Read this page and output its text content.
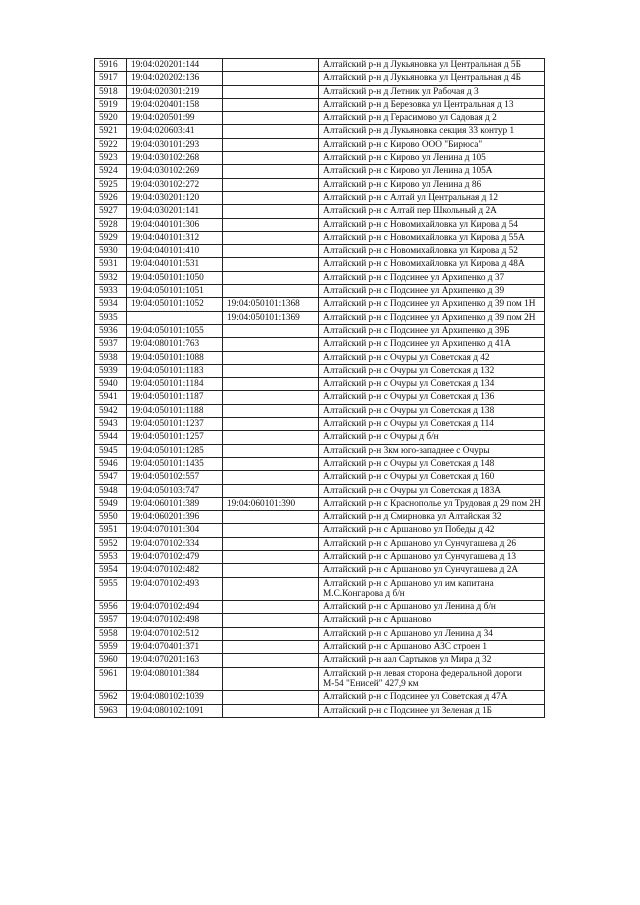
5916	19:04:020201:144		Алтайский р-н д Лукьяновка ул Центральная д 5Б
5917	19:04:020202:136		Алтайский р-н д Лукьяновка ул Центральная д 4Б
5918	19:04:020301:219		Алтайский р-н д Летник ул Рабочая д 3
5919	19:04:020401:158		Алтайский р-н д Березовка ул Центральная д 13
5920	19:04:020501:99		Алтайский р-н д Герасимово ул Садовая д 2
5921	19:04:020603:41		Алтайский р-н д Лукьяновка секция 33 контур 1
5922	19:04:030101:293		Алтайский р-н с Кирово ООО "Бирюса"
5923	19:04:030102:268		Алтайский р-н с Кирово ул Ленина д 105
5924	19:04:030102:269		Алтайский р-н с Кирово ул Ленина д 105А
5925	19:04:030102:272		Алтайский р-н с Кирово ул Ленина д 86
5926	19:04:030201:120		Алтайский р-н с Алтай ул Центральная д 12
5927	19:04:030201:141		Алтайский р-н с Алтай пер Школьный д 2А
5928	19:04:040101:306		Алтайский р-н с Новомихайловка ул Кирова д 54
5929	19:04:040101:312		Алтайский р-н с Новомихайловка ул Кирова д 55А
5930	19:04:040101:410		Алтайский р-н с Новомихайловка ул Кирова д 52
5931	19:04:040101:531		Алтайский р-н с Новомихайловка ул Кирова д 48А
5932	19:04:050101:1050		Алтайский р-н с Подсинее ул Архипенко д 37
5933	19:04:050101:1051		Алтайский р-н с Подсинее ул Архипенко д 39
5934	19:04:050101:1052	19:04:050101:1368	Алтайский р-н с Подсинее ул Архипенко д 39 пом 1Н
5935		19:04:050101:1369	Алтайский р-н с Подсинее ул Архипенко д 39 пом 2Н
5936	19:04:050101:1055		Алтайский р-н с Подсинее ул Архипенко д 39Б
5937	19:04:080101:763		Алтайский р-н с Подсинее ул Архипенко д 41А
5938	19:04:050101:1088		Алтайский р-н с Очуры ул Советская д 42
5939	19:04:050101:1183		Алтайский р-н с Очуры ул Советская д 132
5940	19:04:050101:1184		Алтайский р-н с Очуры ул Советская д 134
5941	19:04:050101:1187		Алтайский р-н с Очуры ул Советская д 136
5942	19:04:050101:1188		Алтайский р-н с Очуры ул Советская д 138
5943	19:04:050101:1237		Алтайский р-н с Очуры ул Советская д 114
5944	19:04:050101:1257		Алтайский р-н с Очуры д б/н
5945	19:04:050101:1285		Алтайский р-н 3км юго-западнее с Очуры
5946	19:04:050101:1435		Алтайский р-н с Очуры ул Советская д 148
5947	19:04:050102:557		Алтайский р-н с Очуры ул Советская д 160
5948	19:04:050103:747		Алтайский р-н с Очуры ул Советская д 183А
5949	19:04:060101:389	19:04:060101:390	Алтайский р-н с Краснополье ул Трудовая д 29 пом 2Н
5950	19:04:060201:396		Алтайский р-н д Смирновка ул Алтайская 32
5951	19:04:070101:304		Алтайский р-н с Аршаново ул Победы д 42
5952	19:04:070102:334		Алтайский р-н с Аршаново ул Сунчугашева д 26
5953	19:04:070102:479		Алтайский р-н с Аршаново ул Сунчугашева д 13
5954	19:04:070102:482		Алтайский р-н с Аршаново ул Сунчугашева д 2А
5955	19:04:070102:493		Алтайский р-н с Аршаново ул им капитана М.С.Конгарова д б/н
5956	19:04:070102:494		Алтайский р-н с Аршаново ул Ленина д б/н
5957	19:04:070102:498		Алтайский р-н с Аршаново
5958	19:04:070102:512		Алтайский р-н с Аршаново ул Ленина д 34
5959	19:04:070401:371		Алтайский р-н с Аршаново АЗС строен 1
5960	19:04:070201:163		Алтайский р-н аал Сартыков ул Мира д 32
5961	19:04:080101:384		Алтайский р-н левая сторона федеральной дороги М-54 "Енисей" 427,9 км
5962	19:04:080102:1039		Алтайский р-н с Подсинее ул Советская д 47А
5963	19:04:080102:1091		Алтайский р-н с Подсинее ул Зеленая д 1Б
